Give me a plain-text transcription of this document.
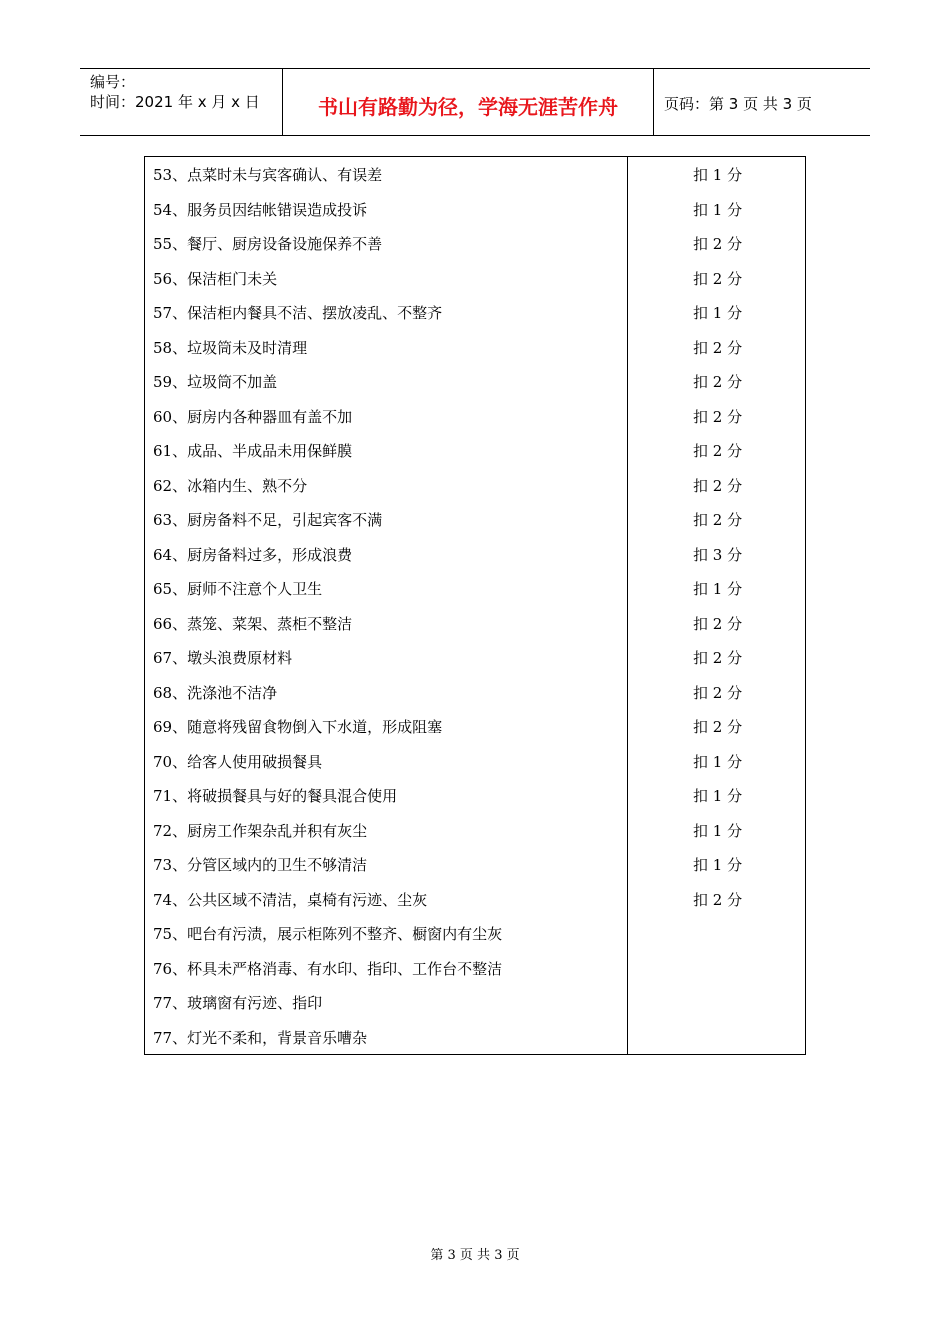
编号：
时间：2021 年 x 月 x 日	书山有路勤为径，学海无涯苦作舟	页码：第 3 页 共 3 页
53、点菜时未与宾客确认、有误差	扣 1 分
54、服务员因结帐错误造成投诉	扣 1 分
55、餐厅、厨房设备设施保养不善	扣 2 分
56、保洁柜门未关	扣 2 分
57、保洁柜内餐具不洁、摆放凌乱、不整齐	扣 1 分
58、垃圾筒未及时清理	扣 2 分
59、垃圾筒不加盖	扣 2 分
60、厨房内各种器皿有盖不加	扣 2 分
61、成品、半成品未用保鲜膜	扣 2 分
62、冰箱内生、熟不分	扣 2 分
63、厨房备料不足，引起宾客不满	扣 2 分
64、厨房备料过多，形成浪费	扣 3 分
65、厨师不注意个人卫生	扣 1 分
66、蒸笼、菜架、蒸柜不整洁	扣 2 分
67、墩头浪费原材料	扣 2 分
68、洗涤池不洁净	扣 2 分
69、随意将残留食物倒入下水道，形成阻塞	扣 2 分
70、给客人使用破损餐具	扣 1 分
71、将破损餐具与好的餐具混合使用	扣 1 分
72、厨房工作架杂乱并积有灰尘	扣 1 分
73、分管区域内的卫生不够清洁	扣 1 分
74、公共区域不清洁，桌椅有污迹、尘灰	扣 2 分
75、吧台有污渍，展示柜陈列不整齐、橱窗内有尘灰
76、杯具未严格消毒、有水印、指印、工作台不整洁
77、玻璃窗有污迹、指印
77、灯光不柔和，背景音乐嘈杂
第 3 页 共 3 页
